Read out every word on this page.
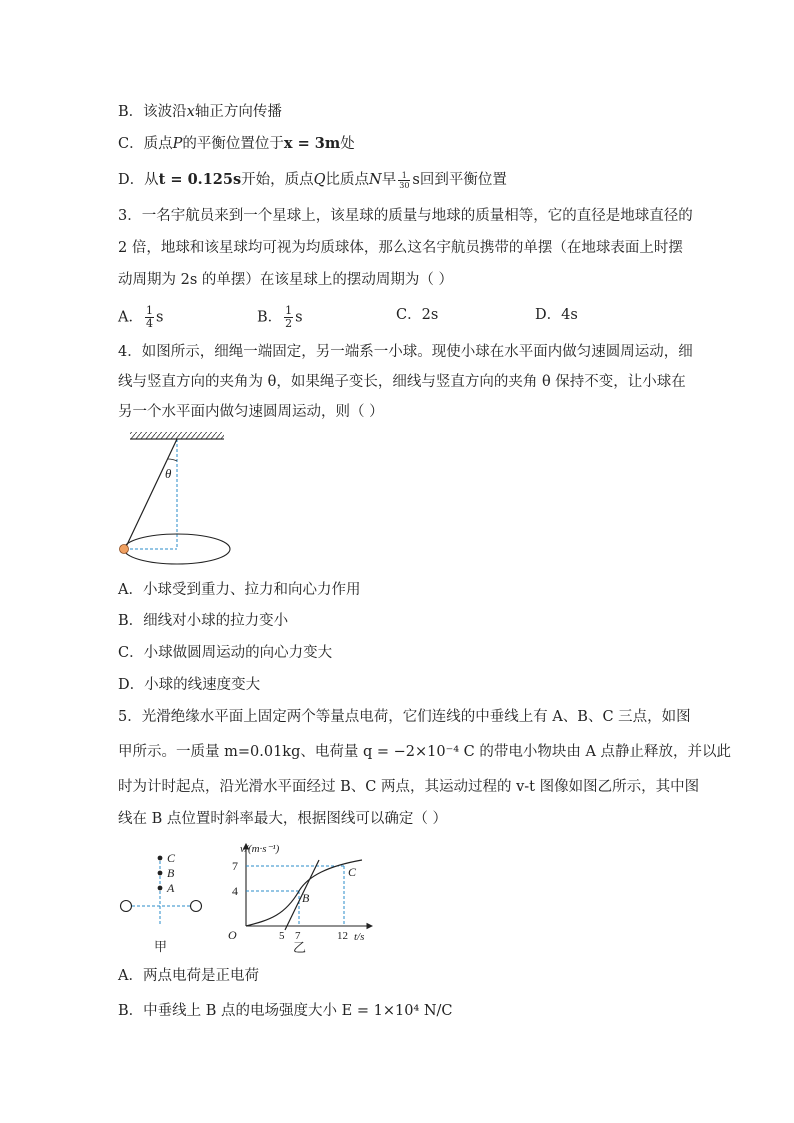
B．该波沿x轴正方向传播
C．质点P的平衡位置位于x = 3m处
D．从t = 0.125s开始，质点Q比质点N早 $\frac{1}{30}$ s回到平衡位置
3．一名宇航员来到一个星球上，该星球的质量与地球的质量相等，它的直径是地球直径的
2 倍，地球和该星球均可视为均质球体，那么这名宇航员携带的单摆（在地球表面上时摆
动周期为 2s 的单摆）在该星球上的摆动周期为（ ）
A． $\frac{1}{4}$ s	B． $\frac{1}{2}$ s	C．2s	D．4s
4．如图所示，细绳一端固定，另一端系一小球。现使小球在水平面内做匀速圆周运动，细
线与竖直方向的夹角为 θ，如果绳子变长，细线与竖直方向的夹角 θ 保持不变，让小球在
另一个水平面内做匀速圆周运动，则（ ）
θ
A．小球受到重力、拉力和向心力作用
B．细线对小球的拉力变小
C．小球做圆周运动的向心力变大
D．小球的线速度变大
5．光滑绝缘水平面上固定两个等量点电荷，它们连线的中垂线上有 A、B、C 三点，如图
甲所示。一质量 m=0.01kg、电荷量 q = −2×10⁻⁴ C 的带电小物块由 A 点静止释放，并以此
时为计时起点，沿光滑水平面经过 B、C 两点，其运动过程的 v-t 图像如图乙所示，其中图
线在 B 点位置时斜率最大，根据图线可以确定（ ）
C
B
A
甲
v/(m·s⁻¹)
t/s
O
7
4
5 7	12
B
C
乙
A．两点电荷是正电荷
B．中垂线上 B 点的电场强度大小 E = 1×10⁴ N/C
